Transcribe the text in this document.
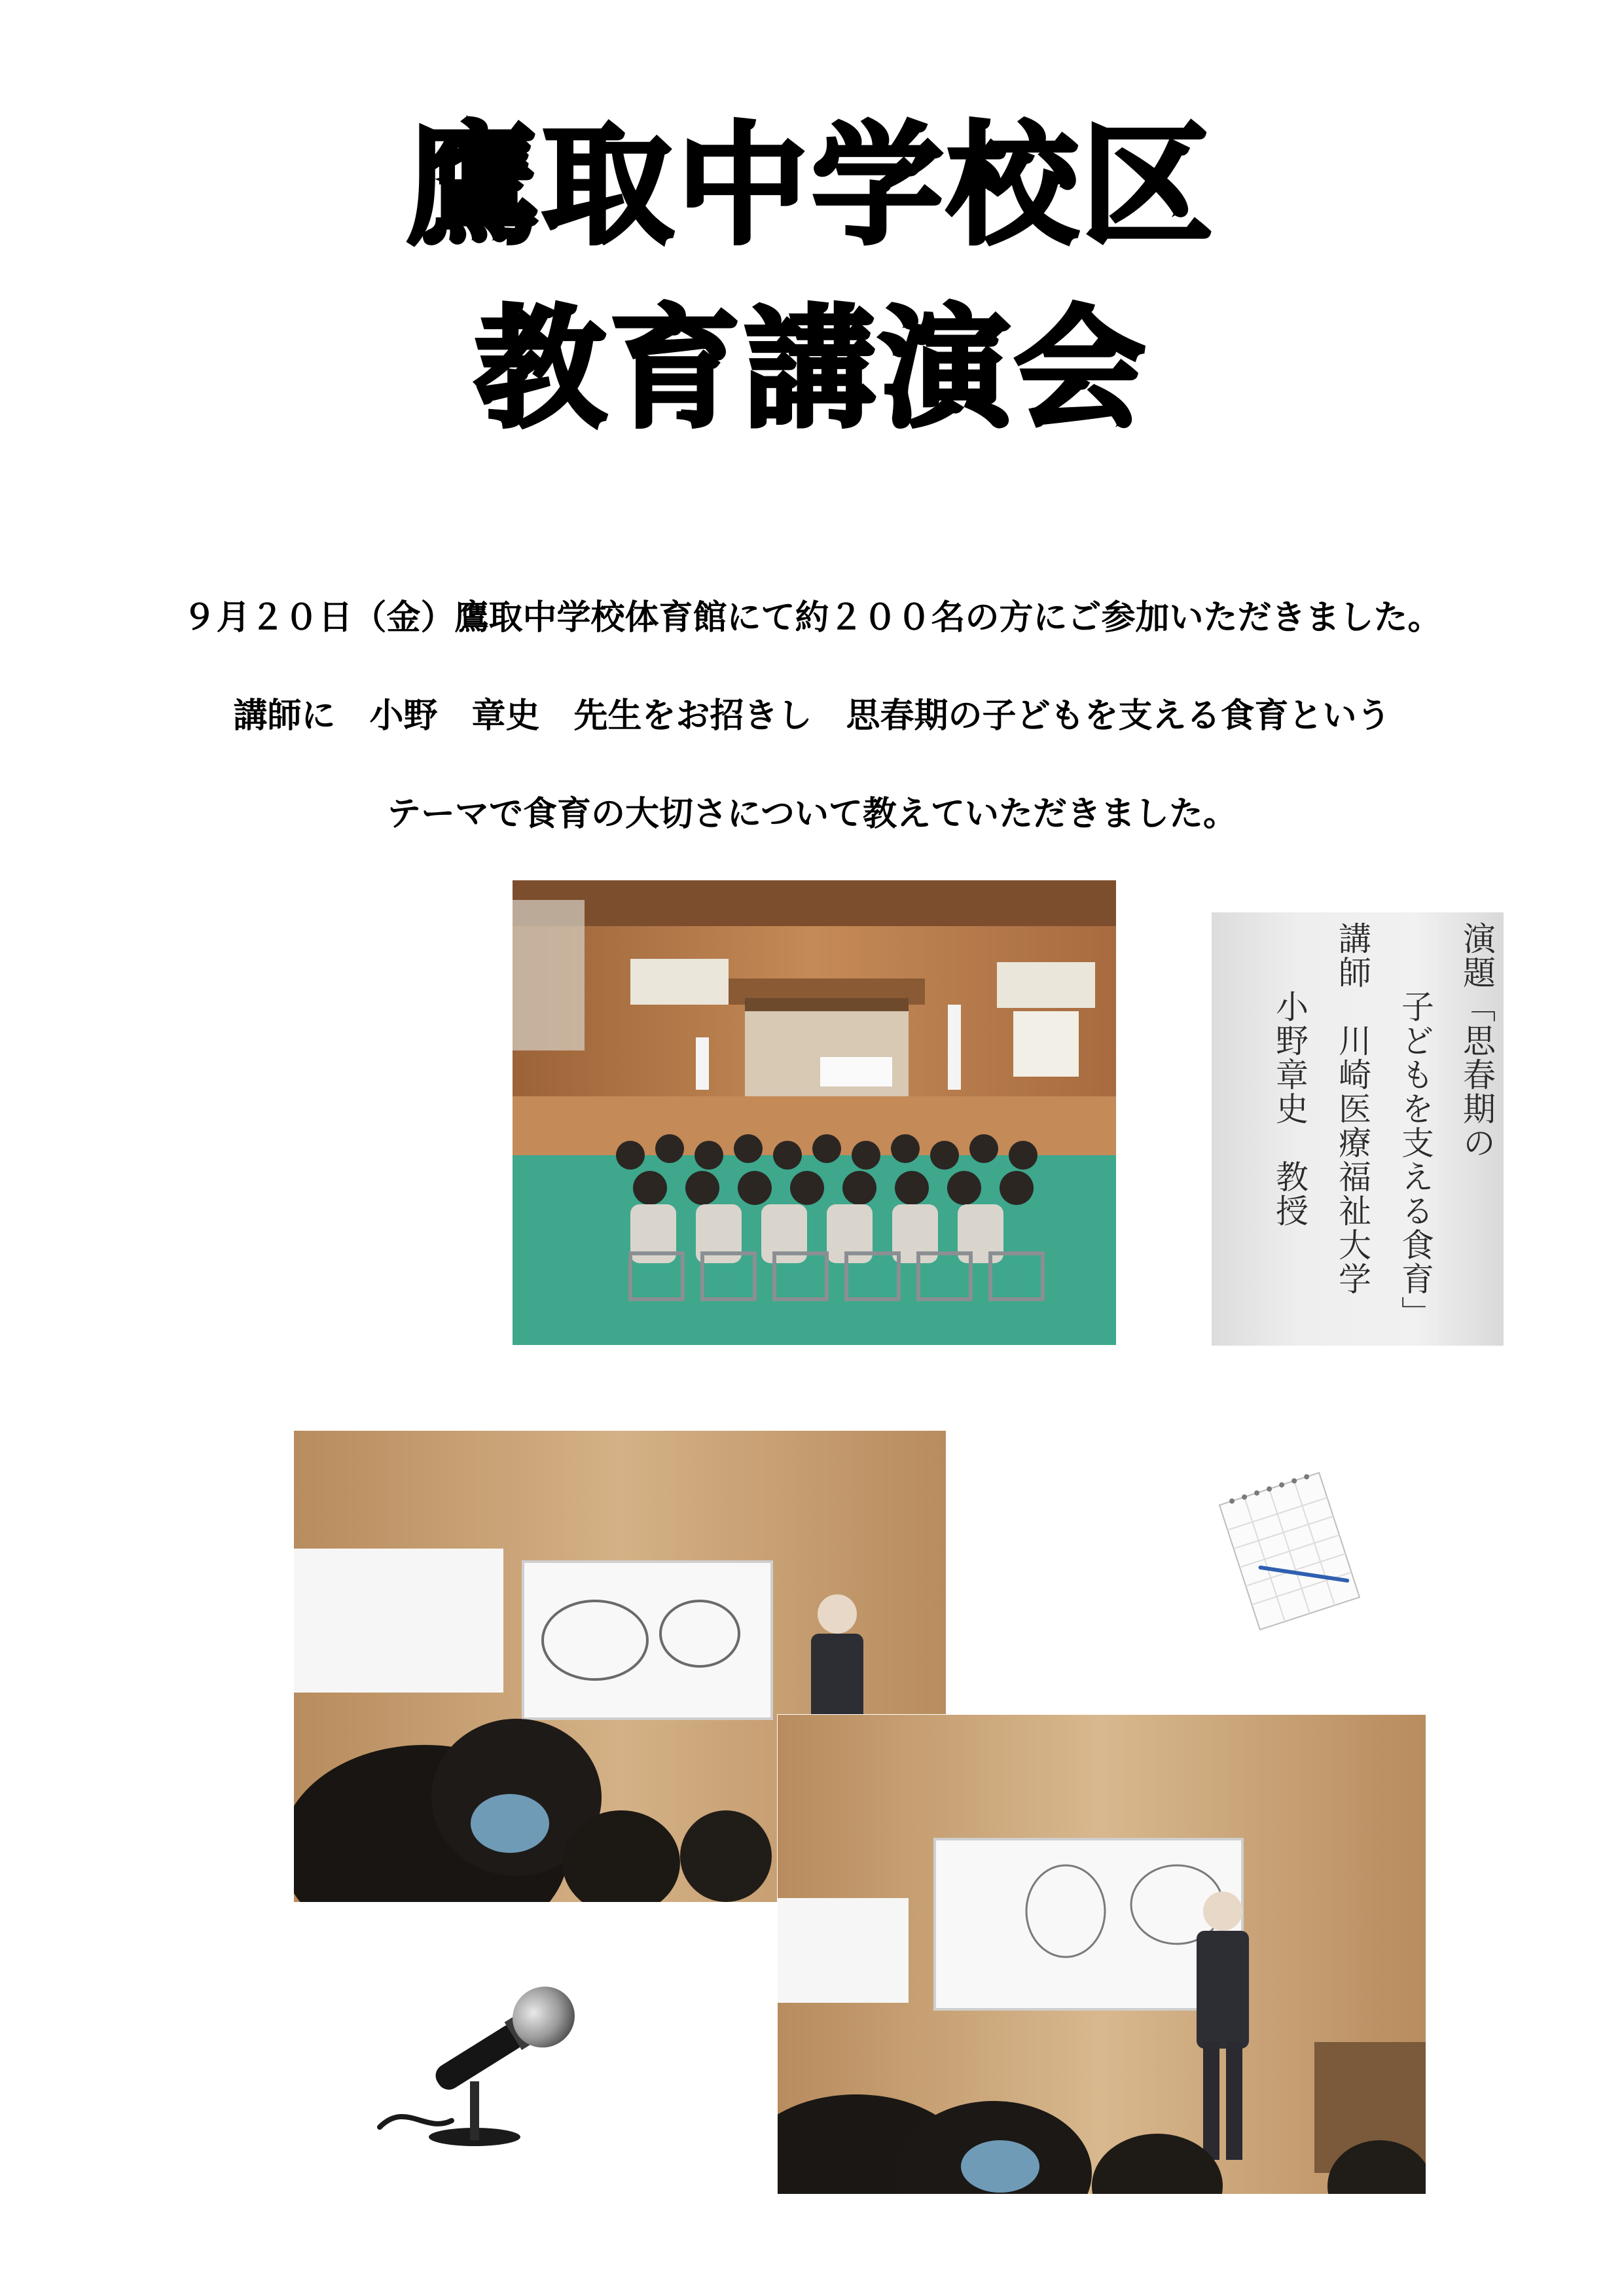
鷹取中学校区
教育講演会
９月２０日（金）鷹取中学校体育館にて約２００名の方にご参加いただきました。
講師に　小野　章史　先生をお招きし　思春期の子どもを支える食育という
テーマで食育の大切さについて教えていただきました。
演題「思春期の
　　子どもを支える食育」
講師　川崎医療福祉大学
　　小野章史　教授
